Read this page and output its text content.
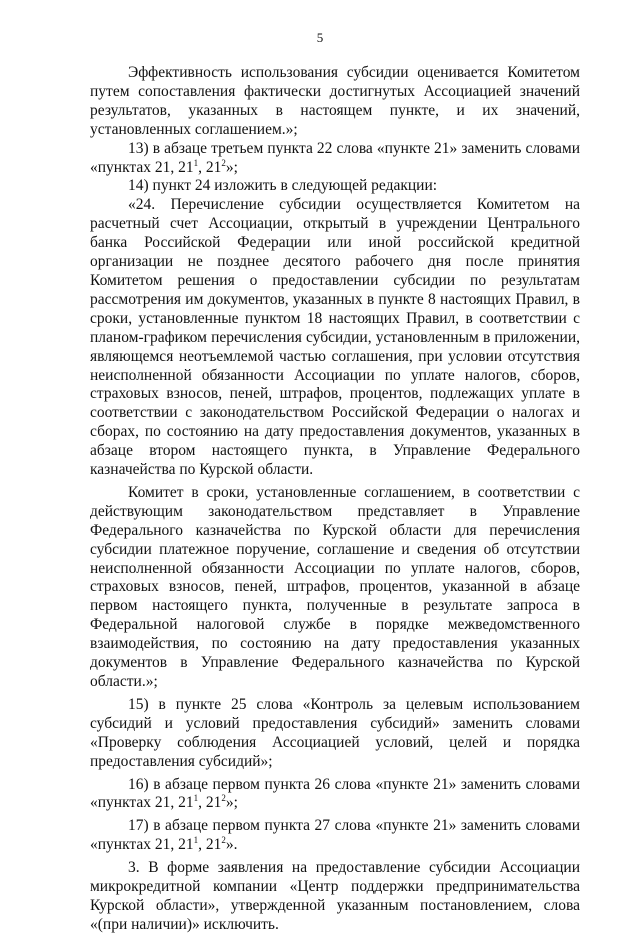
5

Эффективность использования субсидии оценивается Комитетом путем сопоставления фактически достигнутых Ассоциацией значений результатов, указанных в настоящем пункте, и их значений, установленных соглашением.»;

13) в абзаце третьем пункта 22 слова «пункте 21» заменить словами «пунктах 21, $21^1$, $21^2$»;

14) пункт 24 изложить в следующей редакции:

«24. Перечисление субсидии осуществляется Комитетом на расчетный счет Ассоциации, открытый в учреждении Центрального банка Российской Федерации или иной российской кредитной организации не позднее десятого рабочего дня после принятия Комитетом решения о предоставлении субсидии по результатам рассмотрения им документов, указанных в пункте 8 настоящих Правил, в сроки, установленные пунктом 18 настоящих Правил, в соответствии с планом-графиком перечисления субсидии, установленным в приложении, являющемся неотъемлемой частью соглашения, при условии отсутствия неисполненной обязанности Ассоциации по уплате налогов, сборов, страховых взносов, пеней, штрафов, процентов, подлежащих уплате в соответствии с законодательством Российской Федерации о налогах и сборах, по состоянию на дату предоставления документов, указанных в абзаце втором настоящего пункта, в Управление Федерального казначейства по Курской области.

Комитет в сроки, установленные соглашением, в соответствии с действующим законодательством представляет в Управление Федерального казначейства по Курской области для перечисления субсидии платежное поручение, соглашение и сведения об отсутствии неисполненной обязанности Ассоциации по уплате налогов, сборов, страховых взносов, пеней, штрафов, процентов, указанной в абзаце первом настоящего пункта, полученные в результате запроса в Федеральной налоговой службе в порядке межведомственного взаимодействия, по состоянию на дату предоставления указанных документов в Управление Федерального казначейства по Курской области.»;

15) в пункте 25 слова «Контроль за целевым использованием субсидий и условий предоставления субсидий» заменить словами «Проверку соблюдения Ассоциацией условий, целей и порядка предоставления субсидий»;

16) в абзаце первом пункта 26 слова «пункте 21» заменить словами «пунктах 21, $21^1$, $21^2$»;

17) в абзаце первом пункта 27 слова «пункте 21» заменить словами «пунктах 21, $21^1$, $21^2$».

3. В форме заявления на предоставление субсидии Ассоциации микрокредитной компании «Центр поддержки предпринимательства Курской области», утвержденной указанным постановлением, слова «(при наличии)» исключить.
